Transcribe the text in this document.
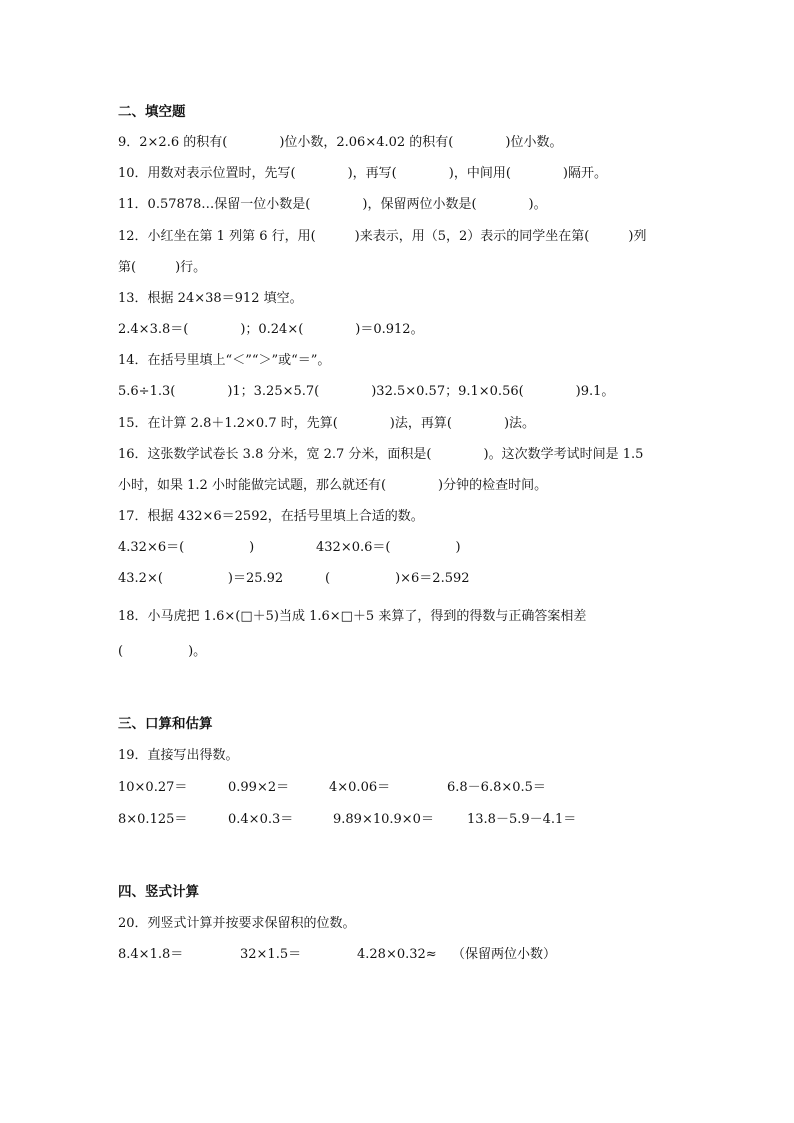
二、填空题
9．2×2.6 的积有(　　　　)位小数，2.06×4.02 的积有(　　　　)位小数。
10．用数对表示位置时，先写(　　　　)，再写(　　　　)，中间用(　　　　)隔开。
11．0.57878…保留一位小数是(　　　　)，保留两位小数是(　　　　)。
12．小红坐在第 1 列第 6 行，用(　　　)来表示，用（5，2）表示的同学坐在第(　　　)列
第(　　　)行。
13．根据 24×38＝912 填空。
2.4×3.8＝(　　　　)；0.24×(　　　　)＝0.912。
14．在括号里填上“＜”“＞”或“＝”。
5.6÷1.3(　　　　)1；3.25×5.7(　　　　)32.5×0.57；9.1×0.56(　　　　)9.1。
15．在计算 2.8＋1.2×0.7 时，先算(　　　　)法，再算(　　　　)法。
16．这张数学试卷长 3.8 分米，宽 2.7 分米，面积是(　　　　)。这次数学考试时间是 1.5
小时，如果 1.2 小时能做完试题，那么就还有(　　　　)分钟的检查时间。
17．根据 432×6＝2592，在括号里填上合适的数。
4.32×6＝(　　　　　)	432×0.6＝(　　　　　)
43.2×(　　　　　)＝25.92	(　　　　　)×6＝2.592
18．小马虎把 1.6×(□＋5)当成 1.6×□＋5 来算了，得到的得数与正确答案相差
(　　　　　)。
三、口算和估算
19．直接写出得数。
10×0.27＝	0.99×2＝	4×0.06＝	6.8－6.8×0.5＝
8×0.125＝	0.4×0.3＝	9.89×10.9×0＝	13.8－5.9－4.1＝
四、竖式计算
20．列竖式计算并按要求保留积的位数。
8.4×1.8＝	32×1.5＝	4.28×0.32≈ （保留两位小数）
